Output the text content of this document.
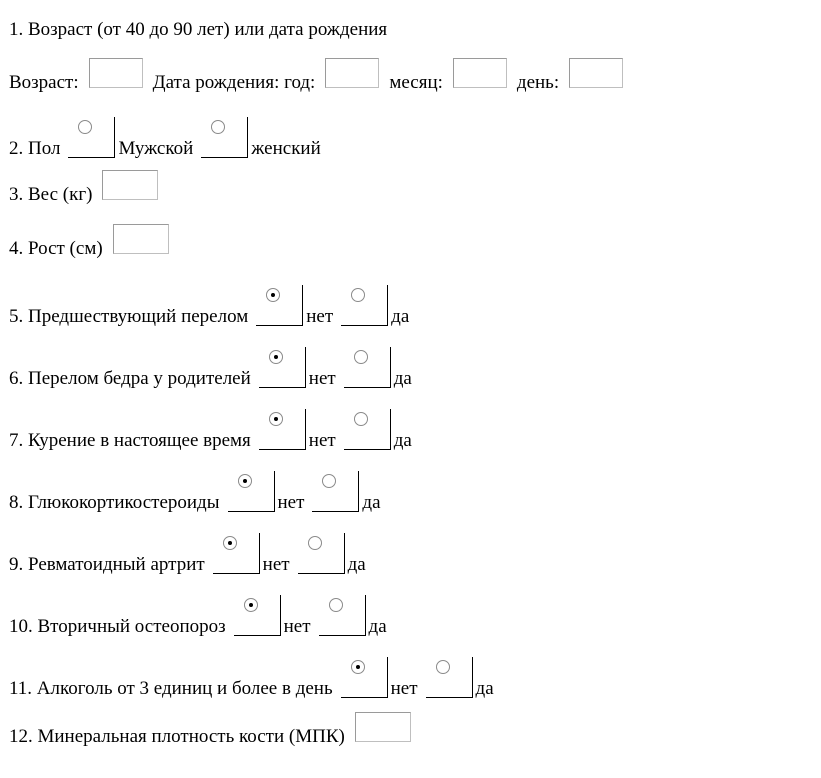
1. Возраст (от 40 до 90 лет) или дата рождения
Возраст:	Дата рождения: год:	месяц:	день:
2. Пол	Мужской	женский
3. Вес (кг)
4. Рост (см)
5. Предшествующий перелом	нет	да
6. Перелом бедра у родителей	нет	да
7. Курение в настоящее время	нет	да
8. Глюкокортикостероиды	нет	да
9. Ревматоидный артрит	нет	да
10. Вторичный остеопороз	нет	да
11. Алкоголь от 3 единиц и более в день	нет	да
12. Минеральная плотность кости (МПК)
